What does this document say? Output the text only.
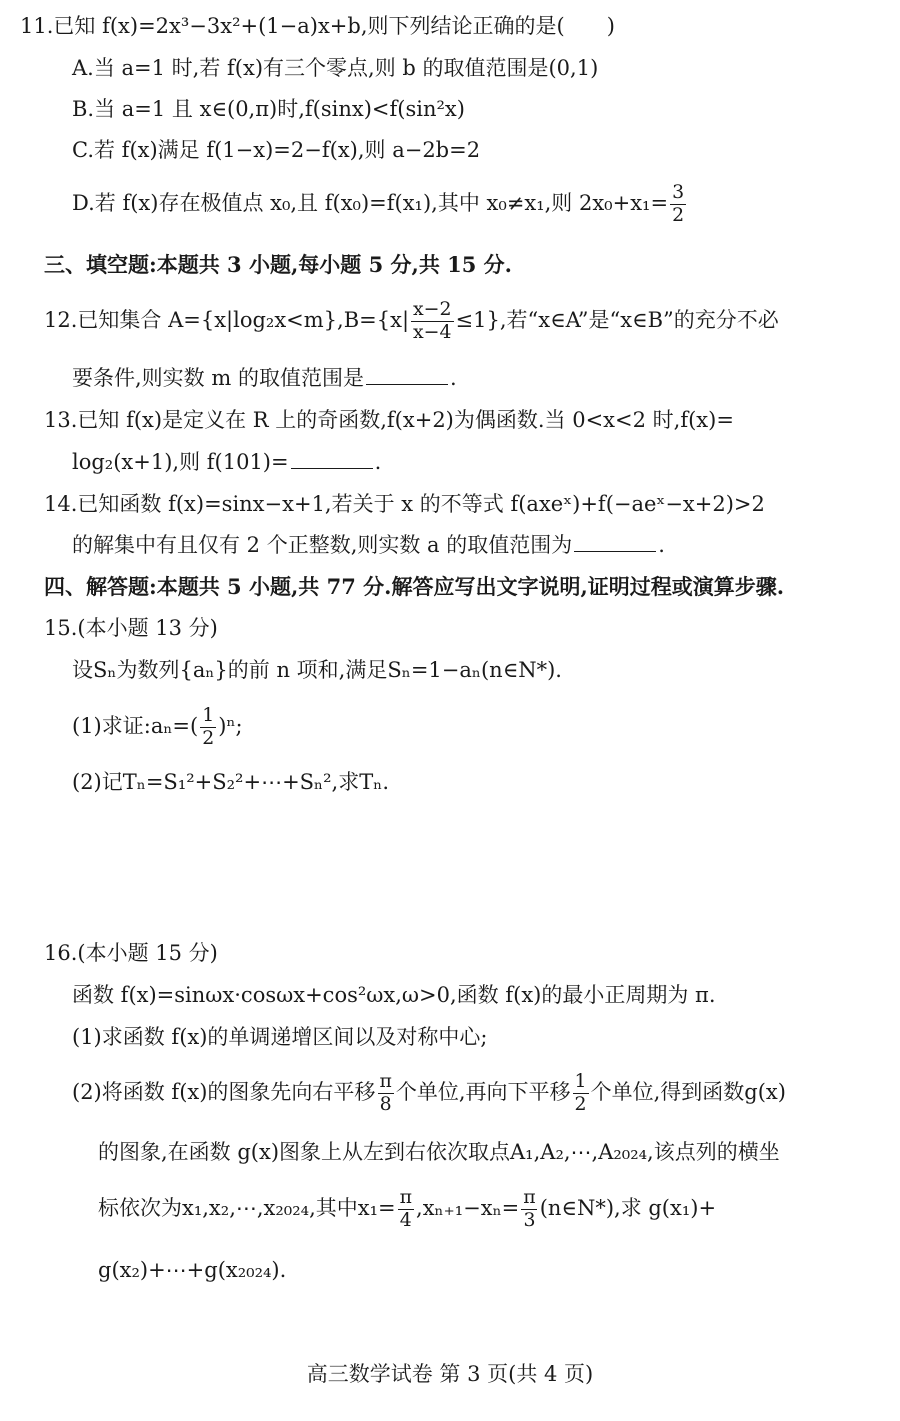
11.已知 f(x)=2x³−3x²+(1−a)x+b,则下列结论正确的是(　　)
A.当 a=1 时,若 f(x)有三个零点,则 b 的取值范围是(0,1)
B.当 a=1 且 x∈(0,π)时,f(sinx)<f(sin²x)
C.若 f(x)满足 f(1−x)=2−f(x),则 a−2b=2
D.若 f(x)存在极值点 x₀,且 f(x₀)=f(x₁),其中 x₀≠x₁,则 $2x_0+x_1= \frac{3}{2}$
三、填空题:本题共 3 小题,每小题 5 分,共 15 分.
12.已知集合 $A=\{x|\log_2x<m\},B=\{x| \frac{x-2}{x-4} \le 1\}$,若“x∈A”是“x∈B”的充分不必
要条件,则实数 m 的取值范围是	.
13.已知 f(x)是定义在 R 上的奇函数,f(x+2)为偶函数.当 0<x<2 时,f(x)=
log₂(x+1),则 f(101)=	.
14.已知函数 f(x)=sinx−x+1,若关于 x 的不等式 f(axeˣ)+f(−aeˣ−x+2)>2
的解集中有且仅有 2 个正整数,则实数 a 的取值范围为	.
四、解答题:本题共 5 小题,共 77 分.解答应写出文字说明,证明过程或演算步骤.
15.(本小题 13 分)
设Sₙ为数列{aₙ}的前 n 项和,满足Sₙ=1−aₙ(n∈N*).
(1)求证:aₙ=( $\frac{1}{2} )^n$;
(2)记Tₙ=S₁²+S₂²+⋯+Sₙ²,求Tₙ.
16.(本小题 15 分)
函数 f(x)=sinωx·cosωx+cos²ωx,ω>0,函数 f(x)的最小正周期为 π.
(1)求函数 f(x)的单调递增区间以及对称中心;
(2)将函数 f(x)的图象先向右平移 $\frac{\pi}{8}$ 个单位,再向下平移 $\frac{1}{2}$ 个单位,得到函数g(x)
的图象,在函数 g(x)图象上从左到右依次取点A₁,A₂,⋯,A₂₀₂₄,该点列的横坐
标依次为x₁,x₂,⋯,x₂₀₂₄,其中$x_1= \frac{\pi}{4} ,x_{n+1}-x_n= \frac{\pi}{3}$ (n∈N*),求 g(x₁)+
g(x₂)+⋯+g(x₂₀₂₄).
高三数学试卷 第 3 页(共 4 页)
